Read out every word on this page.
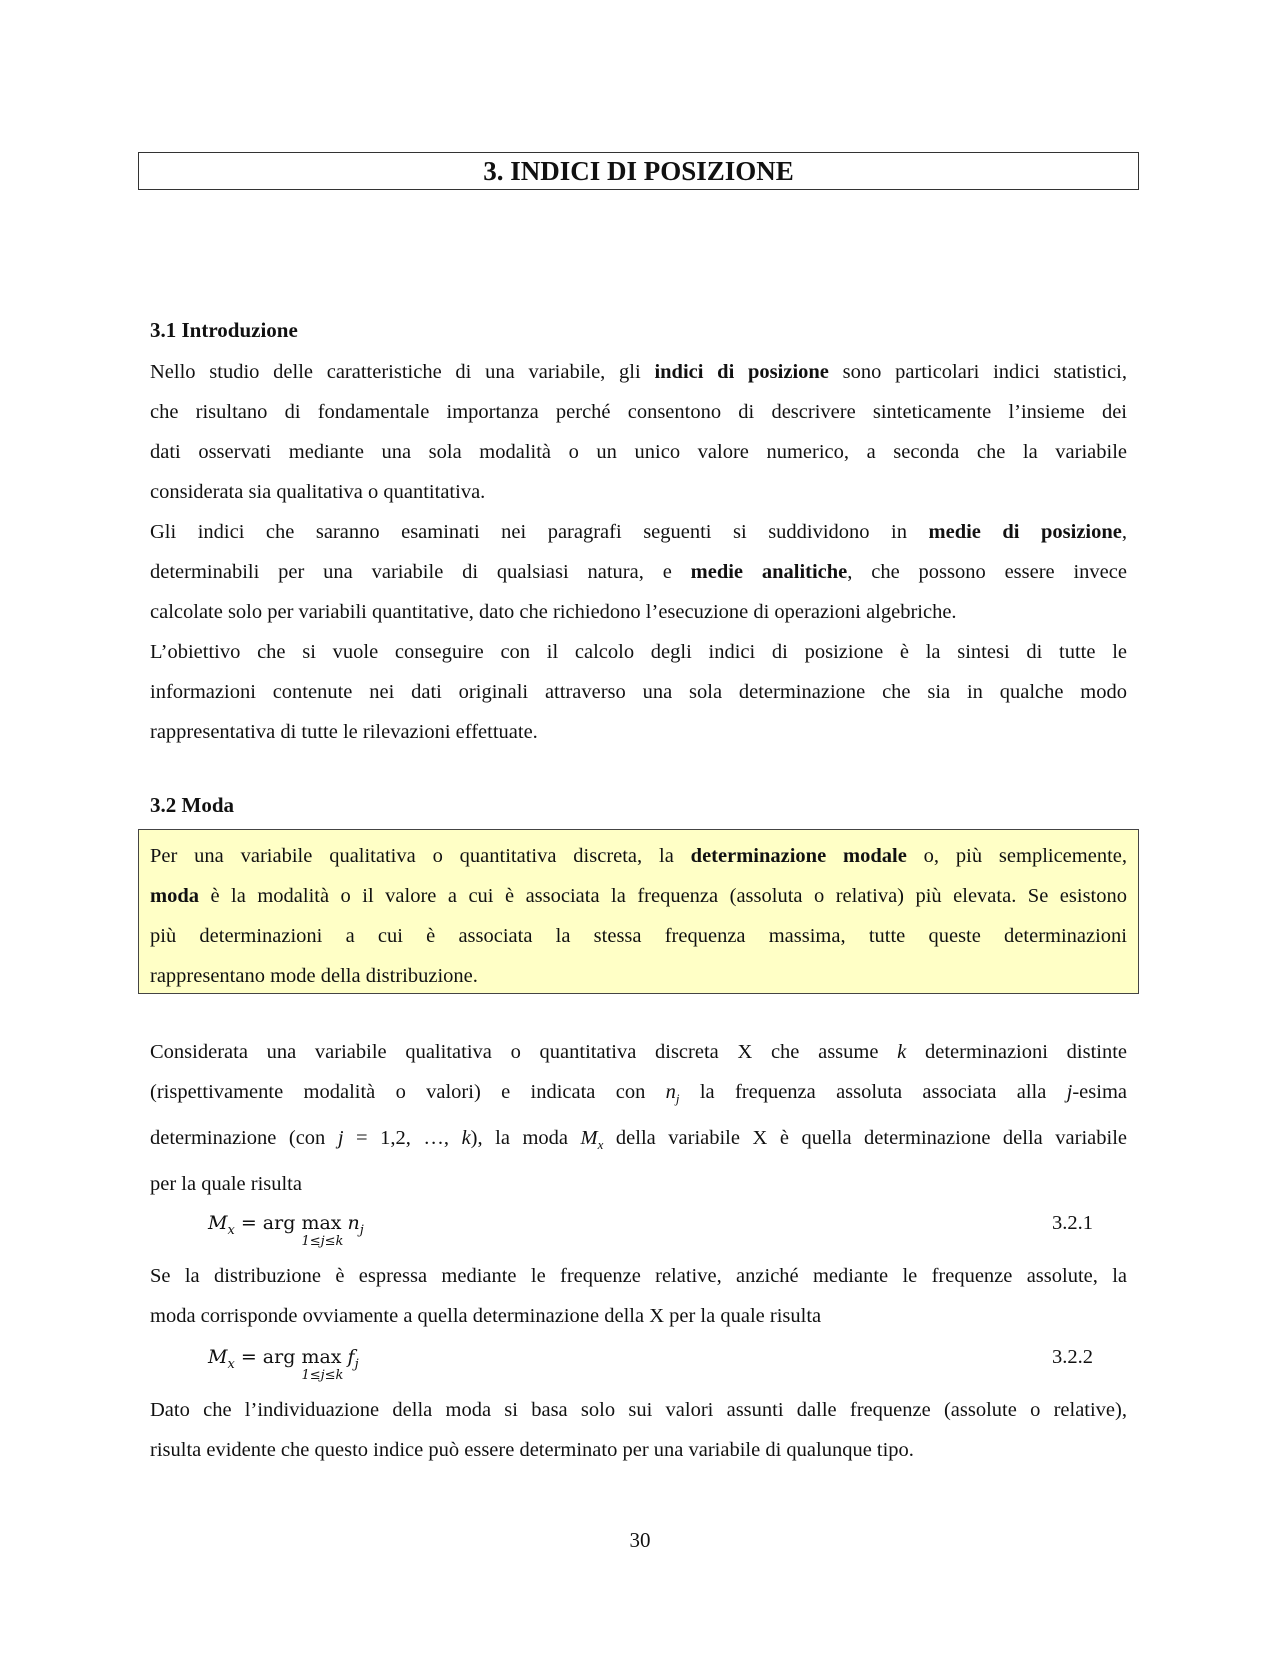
3. INDICI DI POSIZIONE
3.1 Introduzione
Nello studio delle caratteristiche di una variabile, gli indici di posizione sono particolari indici statistici,
che risultano di fondamentale importanza perché consentono di descrivere sinteticamente l’insieme dei
dati osservati mediante una sola modalità o un unico valore numerico, a seconda che la variabile
considerata sia qualitativa o quantitativa.
Gli indici che saranno esaminati nei paragrafi seguenti si suddividono in medie di posizione,
determinabili per una variabile di qualsiasi natura, e medie analitiche, che possono essere invece
calcolate solo per variabili quantitative, dato che richiedono l’esecuzione di operazioni algebriche.
L’obiettivo che si vuole conseguire con il calcolo degli indici di posizione è la sintesi di tutte le
informazioni contenute nei dati originali attraverso una sola determinazione che sia in qualche modo
rappresentativa di tutte le rilevazioni effettuate.
3.2 Moda
Per una variabile qualitativa o quantitativa discreta, la determinazione modale o, più semplicemente,
moda è la modalità o il valore a cui è associata la frequenza (assoluta o relativa) più elevata. Se esistono
più determinazioni a cui è associata la stessa frequenza massima, tutte queste determinazioni
rappresentano mode della distribuzione.
Considerata una variabile qualitativa o quantitativa discreta X che assume k determinazioni distinte
(rispettivamente modalità o valori) e indicata con $n_j$ la frequenza assoluta associata alla j-esima
determinazione (con j = 1,2, …, k), la moda $M_x$ della variabile X è quella determinazione della variabile
per la quale risulta
$M_x$ = arg max
1≤j≤k
$n_j$	3.2.1
Se la distribuzione è espressa mediante le frequenze relative, anziché mediante le frequenze assolute, la
moda corrisponde ovviamente a quella determinazione della X per la quale risulta
$M_x$ = arg max
1≤j≤k
$f_j$	3.2.2
Dato che l’individuazione della moda si basa solo sui valori assunti dalle frequenze (assolute o relative),
risulta evidente che questo indice può essere determinato per una variabile di qualunque tipo.
30
